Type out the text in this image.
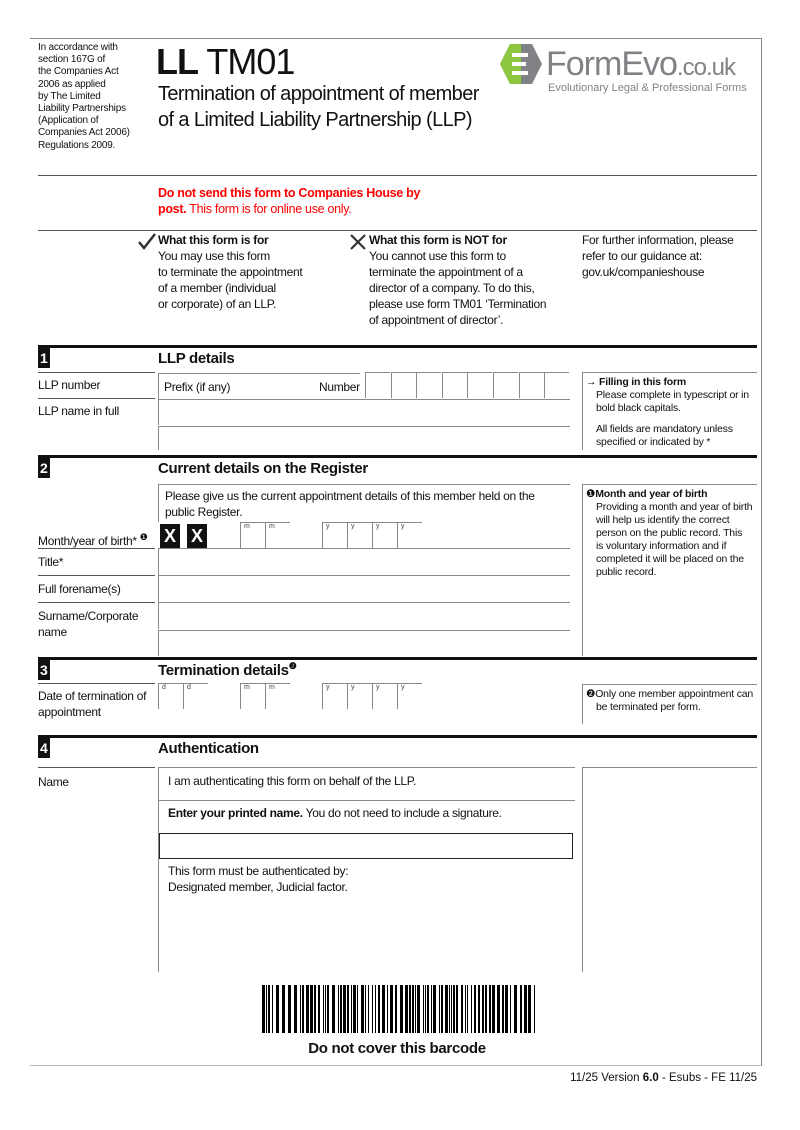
In accordance with
section 167G of
the Companies Act
2006 as applied
by The Limited
Liability Partnerships
(Application of
Companies Act 2006)
Regulations 2009.
LL TM01
Termination of appointment of member
of a Limited Liability Partnership (LLP)
FormEvo.co.uk
Evolutionary Legal & Professional Forms
Do not send this form to Companies House by
post. This form is for online use only.
What this form is for
You may use this form
to terminate the appointment
of a member (individual
or corporate) of an LLP.
What this form is NOT for
You cannot use this form to
terminate the appointment of a
director of a company. To do this,
please use form TM01 ‘Termination
of appointment of director’.
For further information, please
refer to our guidance at:
gov.uk/companieshouse
1	LLP details
LLP number
LLP name in full
Prefix (if any)	Number	→ Filling in this form
Please complete in typescript or in
bold black capitals.
All fields are mandatory unless
specified or indicated by *
2	Current details on the Register
Please give us the current appointment details of this member held on the
public Register.
Month/year of birth* $^❶$ X X	m	m	y	y	y	y
Title*
Full forename(s)
Surname/Corporate
name
❶Month and year of birth
Providing a month and year of birth
will help us identify the correct
person on the public record. This
is voluntary information and if
completed it will be placed on the
public record.
3	Termination details$^❷$
Date of termination of
appointment
d	d	m	m	y	y	y	y
❷Only one member appointment can
be terminated per form.
4	Authentication
Name	I am authenticating this form on behalf of the LLP.
Enter your printed name. You do not need to include a signature.
This form must be authenticated by:
Designated member, Judicial factor.
Do not cover this barcode
11/25 Version 6.0 - Esubs - FE 11/25
